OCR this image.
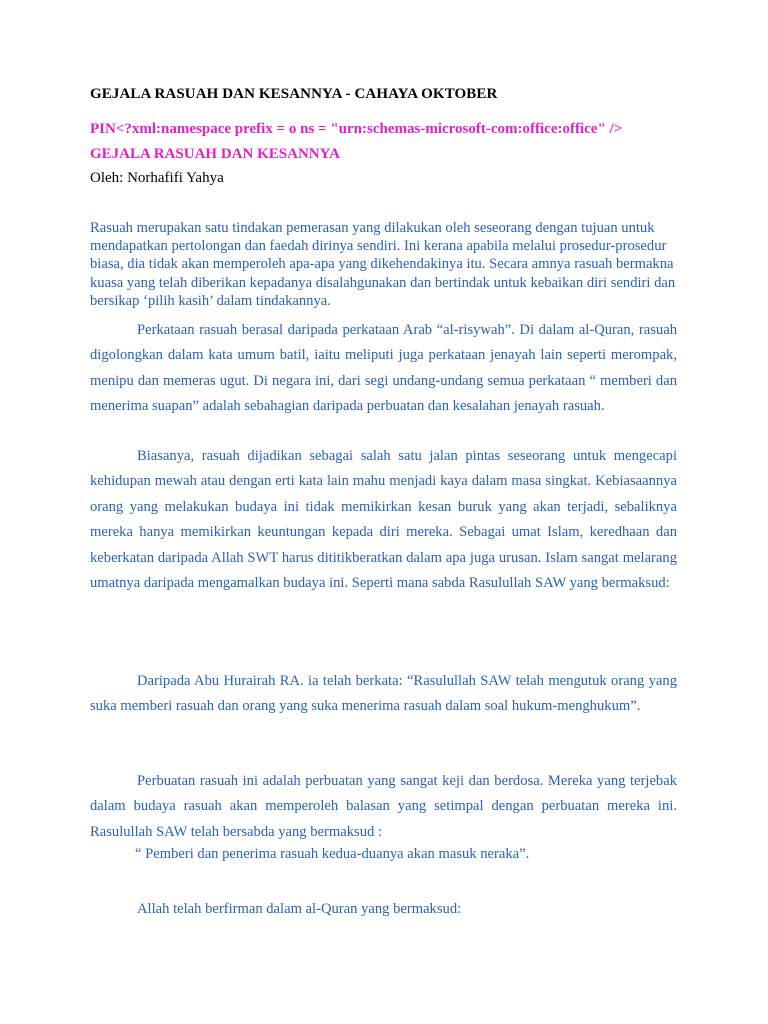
GEJALA RASUAH DAN KESANNYA - CAHAYA OKTOBER
PIN<?xml:namespace prefix = o ns = "urn:schemas-microsoft-com:office:office" />
GEJALA RASUAH DAN KESANNYA
Oleh: Norhafifi Yahya
Rasuah merupakan satu tindakan pemerasan yang dilakukan oleh seseorang dengan tujuan untuk mendapatkan pertolongan dan faedah dirinya sendiri. Ini kerana apabila melalui prosedur-prosedur biasa, dia tidak akan memperoleh apa-apa yang dikehendakinya itu. Secara amnya rasuah bermakna kuasa yang telah diberikan kepadanya disalahgunakan dan bertindak untuk kebaikan diri sendiri dan bersikap ‘pilih kasih’ dalam tindakannya.
Perkataan rasuah berasal daripada perkataan Arab “al-risywah”. Di dalam al-Quran, rasuah digolongkan dalam kata umum batil, iaitu meliputi juga perkataan jenayah lain seperti merompak, menipu dan memeras ugut. Di negara ini, dari segi undang-undang semua perkataan “ memberi dan menerima suapan” adalah sebahagian daripada perbuatan dan kesalahan jenayah rasuah.
Biasanya, rasuah dijadikan sebagai salah satu jalan pintas seseorang untuk mengecapi kehidupan mewah atau dengan erti kata lain mahu menjadi kaya dalam masa singkat. Kebiasaannya orang yang melakukan budaya ini tidak memikirkan kesan buruk yang akan terjadi, sebaliknya mereka hanya memikirkan keuntungan kepada diri mereka. Sebagai umat Islam, keredhaan dan keberkatan daripada Allah SWT harus dititikberatkan dalam apa juga urusan. Islam sangat melarang umatnya daripada mengamalkan budaya ini. Seperti mana sabda Rasulullah SAW yang bermaksud:
Daripada Abu Hurairah RA. ia telah berkata: “Rasulullah SAW telah mengutuk orang yang suka memberi rasuah dan orang yang suka menerima rasuah dalam soal hukum-menghukum”.
Perbuatan rasuah ini adalah perbuatan yang sangat keji dan berdosa. Mereka yang terjebak dalam budaya rasuah akan memperoleh balasan yang setimpal dengan perbuatan mereka ini. Rasulullah SAW telah bersabda yang bermaksud :
“ Pemberi dan penerima rasuah kedua-duanya akan masuk neraka”.
Allah telah berfirman dalam al-Quran yang bermaksud:
